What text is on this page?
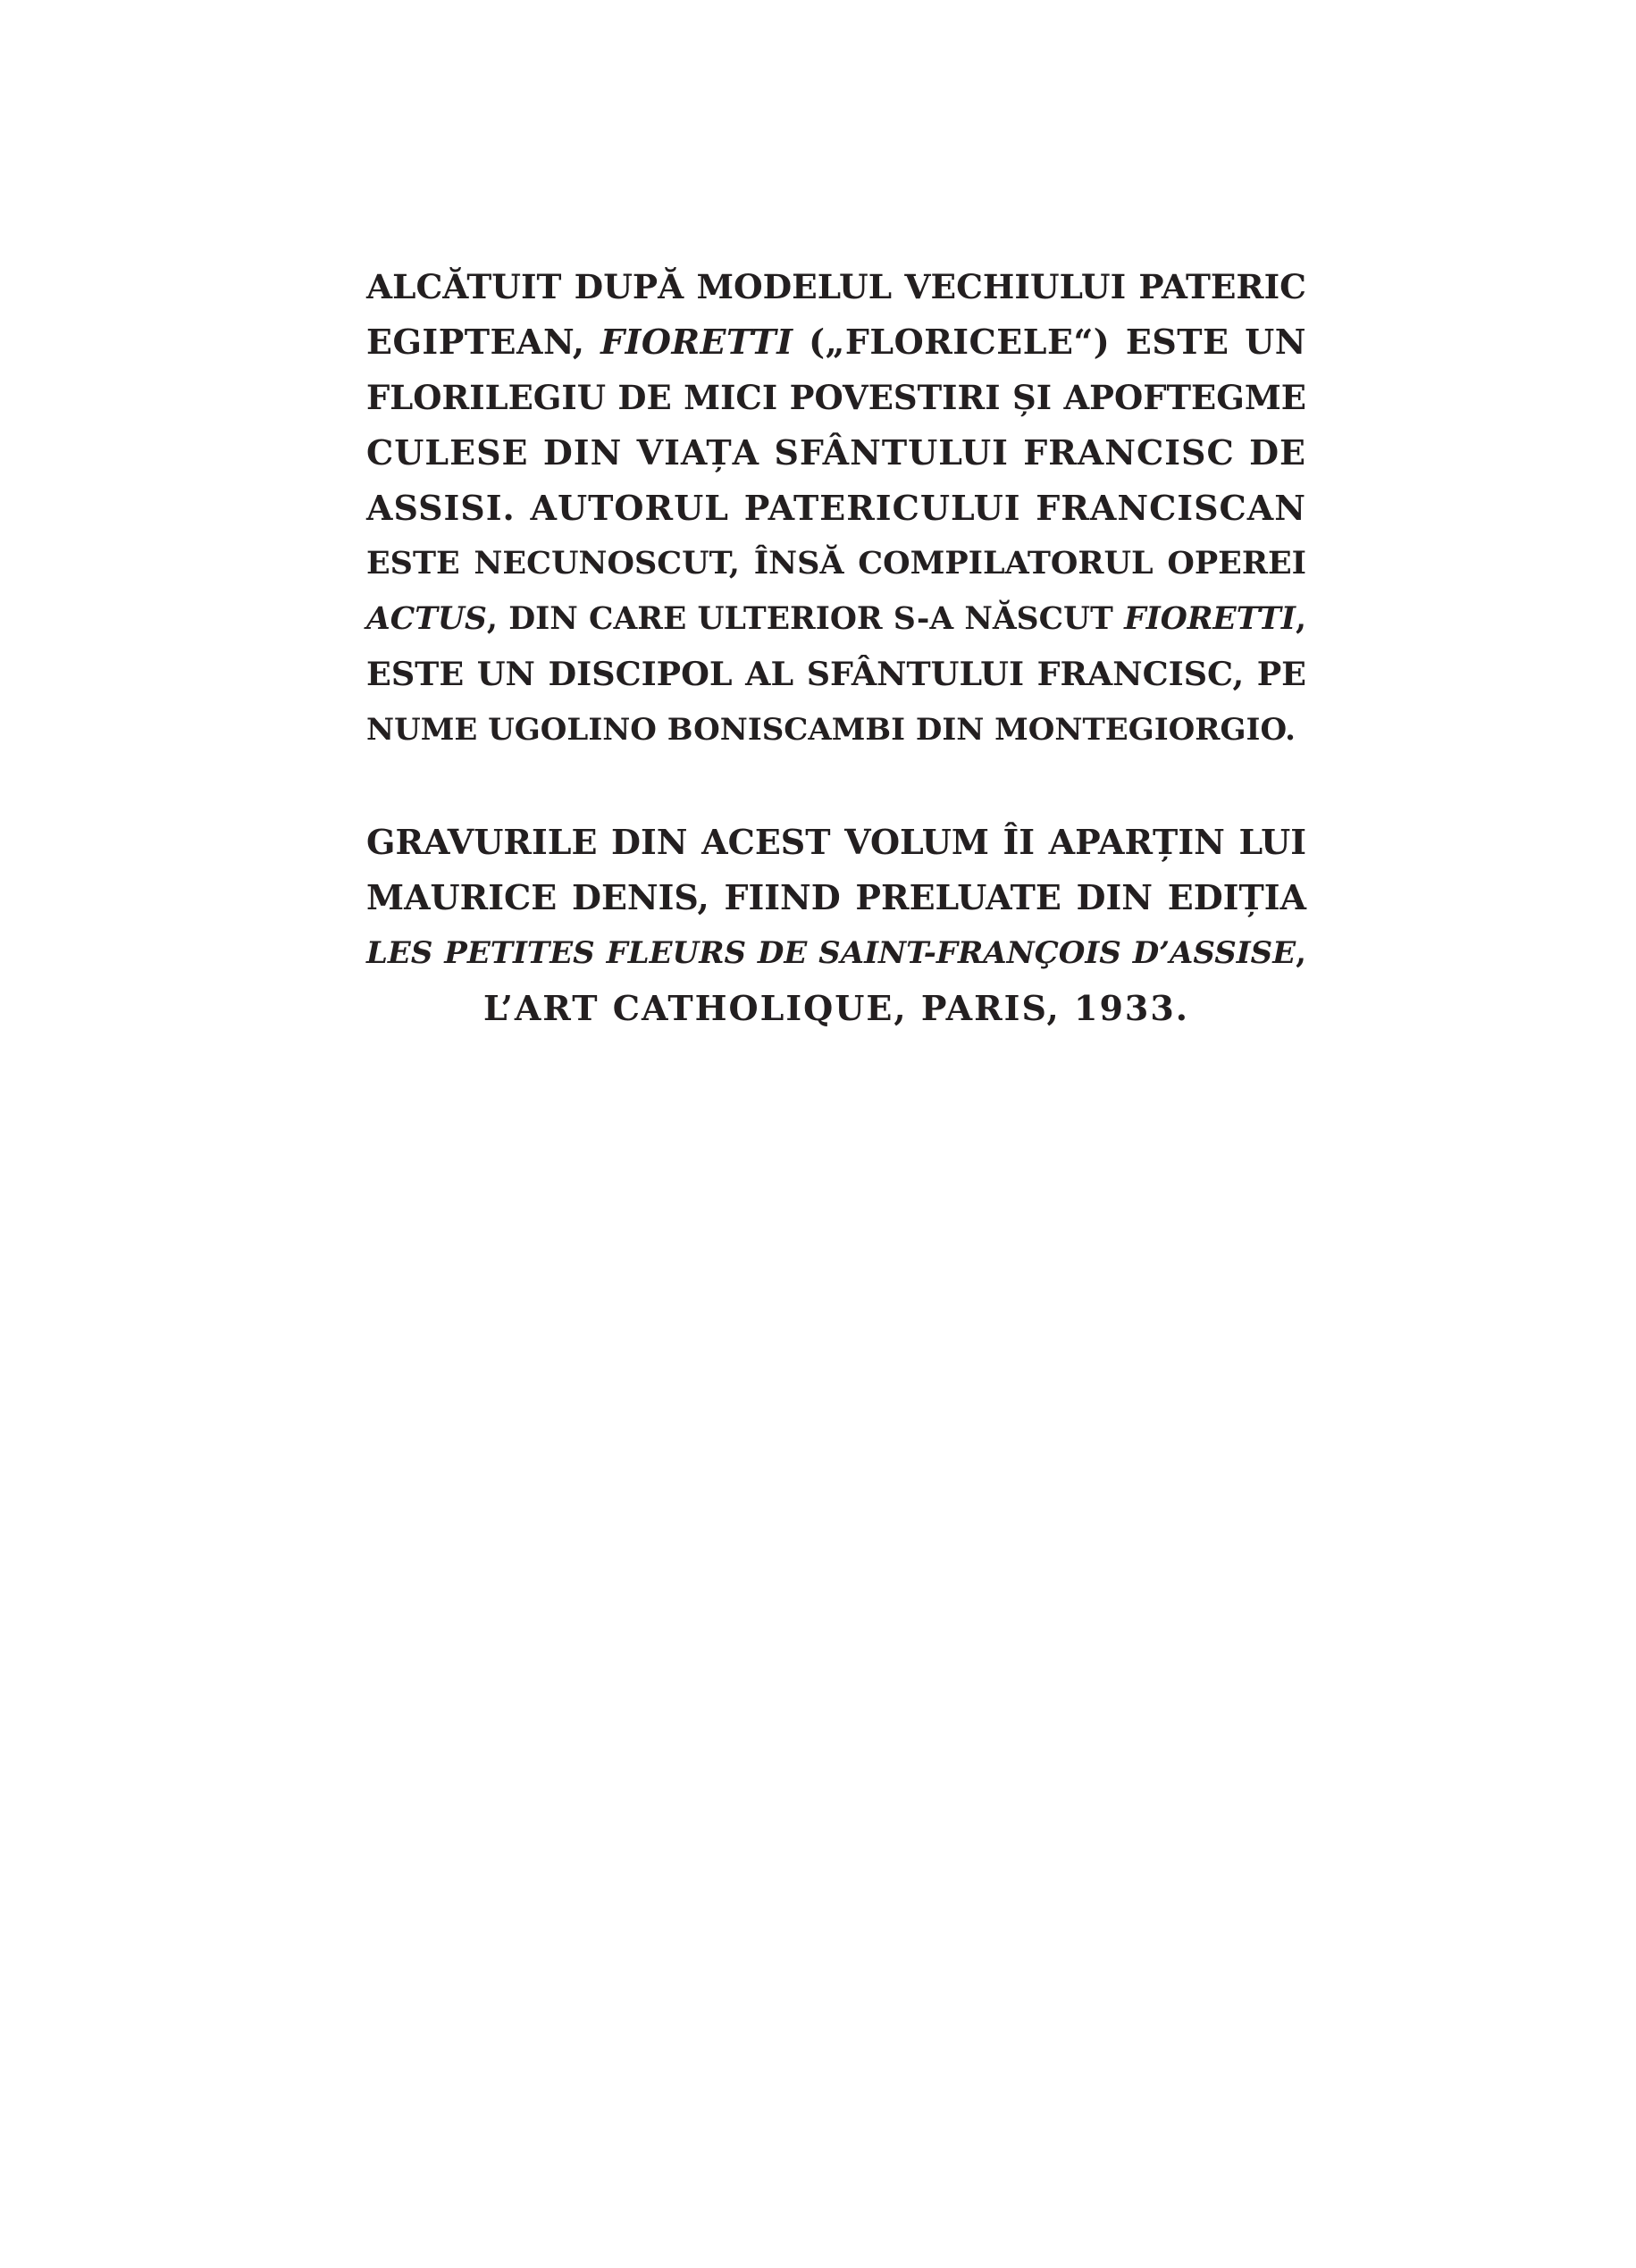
ALCĂTUIT DUPĂ MODELUL VECHIULUI PATERIC
EGIPTEAN, FIORETTI („FLORICELE“) ESTE UN
FLORILEGIU DE MICI POVESTIRI ȘI APOFTEGME
CULESE DIN VIAȚA SFÂNTULUI FRANCISC DE
ASSISI. AUTORUL PATERICULUI FRANCISCAN
ESTE NECUNOSCUT, ÎNSĂ COMPILATORUL OPEREI
ACTUS, DIN CARE ULTERIOR S-A NĂSCUT FIORETTI,
ESTE UN DISCIPOL AL SFÂNTULUI FRANCISC, PE
NUME UGOLINO BONISCAMBI DIN MONTEGIORGIO.
GRAVURILE DIN ACEST VOLUM ÎI APARȚIN LUI
MAURICE DENIS, FIIND PRELUATE DIN EDIȚIA
LES PETITES FLEURS DE SAINT-FRANÇOIS D’ASSISE,
L’ART CATHOLIQUE, PARIS, 1933.
